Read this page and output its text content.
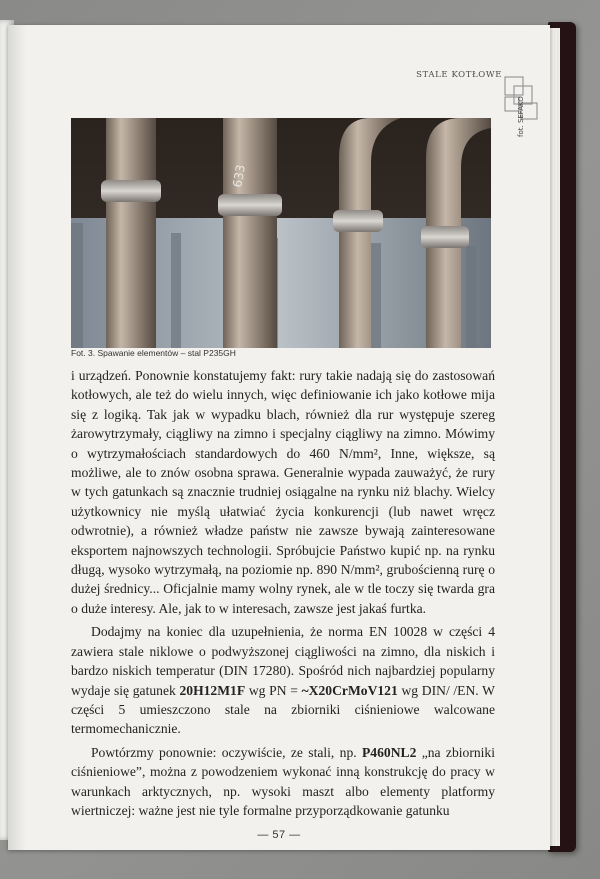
STALE KOTŁOWE
fot. SEFAKO
633
Fot. 3. Spawanie elementów – stal P235GH

i urządzeń. Ponownie konstatujemy fakt: rury takie nadają się do zastosowań kotłowych, ale też do wielu innych, więc definiowanie ich jako kotłowe mija się z logiką. Tak jak w wypadku blach, również dla rur występuje szereg żarowytrzymały, ciągliwy na zimno i specjalny ciągliwy na zimno. Mówimy o wytrzymałościach standardowych do 460 N/mm², Inne, większe, są możliwe, ale to znów osobna sprawa. Generalnie wypada zauważyć, że rury w tych gatunkach są znacznie trudniej osiągalne na rynku niż blachy. Wielcy użytkownicy nie myślą ułatwiać życia konkurencji (lub nawet wręcz odwrotnie), a również władze państw nie zawsze bywają zainteresowane eksportem najnowszych technologii. Spróbujcie Państwo kupić np. na rynku długą, wysoko wytrzymałą, na poziomie np. 890 N/mm², grubościenną rurę o dużej średnicy... Oficjalnie mamy wolny rynek, ale w tle toczy się twarda gra o duże interesy. Ale, jak to w interesach, zawsze jest jakaś furtka.

Dodajmy na koniec dla uzupełnienia, że norma EN 10028 w części 4 zawiera stale niklowe o podwyższonej ciągliwości na zimno, dla niskich i bardzo niskich temperatur (DIN 17280). Spośród nich najbardziej popularny wydaje się gatunek 20H12M1F wg PN = ~X20CrMoV121 wg DIN/ /EN. W części 5 umieszczono stale na zbiorniki ciśnieniowe walcowane termomechanicznie.

Powtórzmy ponownie: oczywiście, ze stali, np. P460NL2 „na zbiorniki ciśnieniowe”, można z powodzeniem wykonać inną konstrukcję do pracy w warunkach arktycznych, np. wysoki maszt albo elementy platformy wiertniczej: ważne jest nie tyle formalne przyporządkowanie gatunku

— 57 —
